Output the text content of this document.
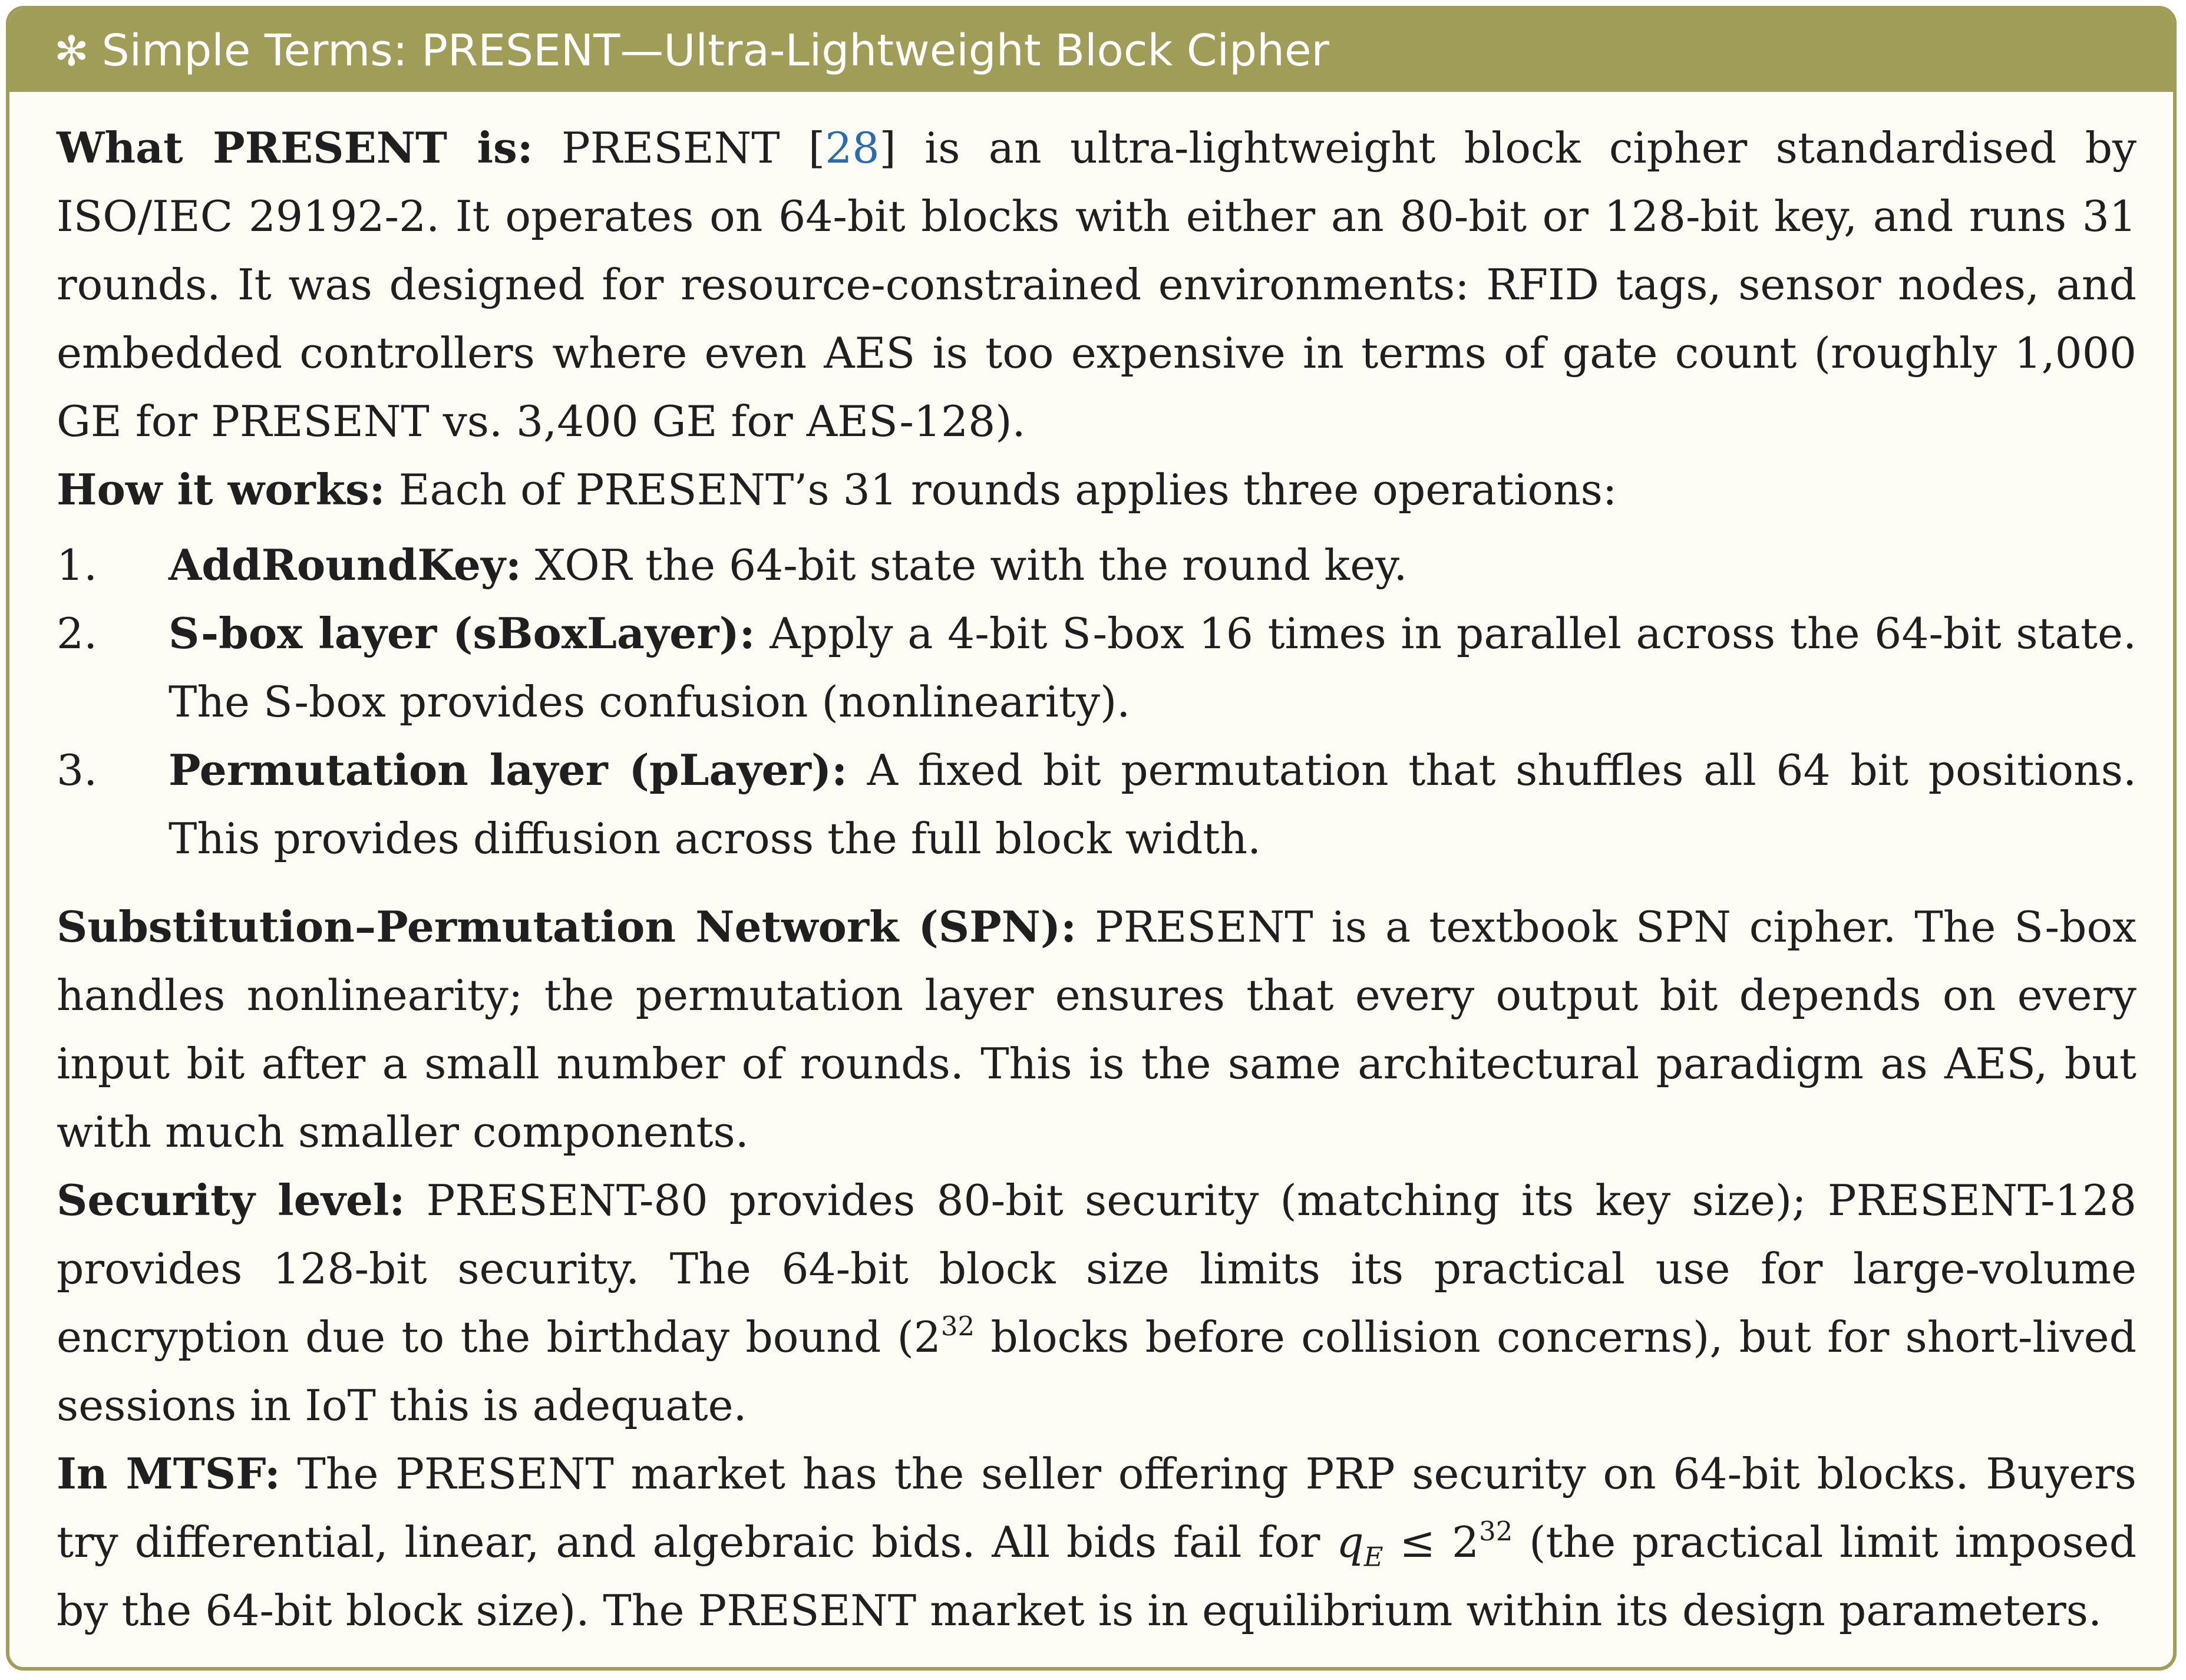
✻ Simple Terms: PRESENT—Ultra-Lightweight Block Cipher

What PRESENT is: PRESENT [28] is an ultra-lightweight block cipher standardised by ISO/IEC 29192-2. It operates on 64-bit blocks with either an 80-bit or 128-bit key, and runs 31 rounds. It was designed for resource-constrained environments: RFID tags, sensor nodes, and embedded controllers where even AES is too expensive in terms of gate count (roughly 1,000 GE for PRESENT vs. 3,400 GE for AES-128).

How it works: Each of PRESENT’s 31 rounds applies three operations:

1. AddRoundKey: XOR the 64-bit state with the round key.
2. S-box layer (sBoxLayer): Apply a 4-bit S-box 16 times in parallel across the 64-bit state. The S-box provides confusion (nonlinearity).
3. Permutation layer (pLayer): A fixed bit permutation that shuffles all 64 bit positions. This provides diffusion across the full block width.

Substitution–Permutation Network (SPN): PRESENT is a textbook SPN cipher. The S-box handles nonlinearity; the permutation layer ensures that every output bit depends on every input bit after a small number of rounds. This is the same architectural paradigm as AES, but with much smaller components.

Security level: PRESENT-80 provides 80-bit security (matching its key size); PRESENT-128 provides 128-bit security. The 64-bit block size limits its practical use for large-volume encryption due to the birthday bound ($2^{32}$ blocks before collision concerns), but for short-lived sessions in IoT this is adequate.

In MTSF: The PRESENT market has the seller offering PRP security on 64-bit blocks. Buyers try differential, linear, and algebraic bids. All bids fail for $q_E \le 2^{32}$ (the practical limit imposed by the 64-bit block size). The PRESENT market is in equilibrium within its design parameters.
